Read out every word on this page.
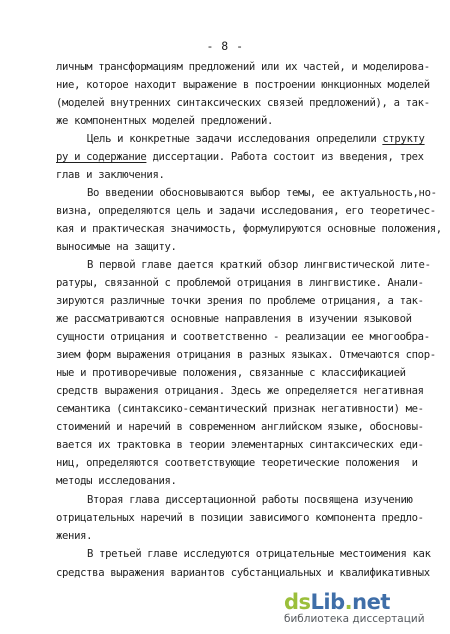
- 8 -
личным трансформациям предложений или их частей, и моделирова-
ние, которое находит выражение в построении юнкционных моделей
(моделей внутренних синтаксических связей предложений), а так-
же компонентных моделей предложений.
Цель и конкретные задачи исследования определили структу
ру и содержание диссертации. Работа состоит из введения, трех
глав и заключения.
Во введении обосновываются выбор темы, ее актуальность,но-
визна, определяются цель и задачи исследования, его теоретичес-
кая и практическая значимость, формулируются основные положения,
выносимые на защиту.
В первой главе дается краткий обзор лингвистической лите-
ратуры, связанной с проблемой отрицания в лингвистике. Анали-
зируются различные точки зрения по проблеме отрицания, а так-
же рассматриваются основные направления в изучении языковой
сущности отрицания и соответственно - реализации ее многообра-
зием форм выражения отрицания в разных языках. Отмечаются спор-
ные и противоречивые положения, связанные с классификацией
средств выражения отрицания. Здесь же определяется негативная
семантика (синтаксико-семантический признак негативности) ме-
стоимений и наречий в современном английском языке, обосновы-
вается их трактовка в теории элементарных синтаксических еди-
ниц, определяются соответствующие теоретические положения  и
методы исследования.
Вторая глава диссертационной работы посвящена изучению
отрицательных наречий в позиции зависимого компонента предло-
жения.
В третьей главе исследуются отрицательные местоимения как
средства выражения вариантов субстанциальных и квалификативных
dsLib.net
библиотека диссертаций
